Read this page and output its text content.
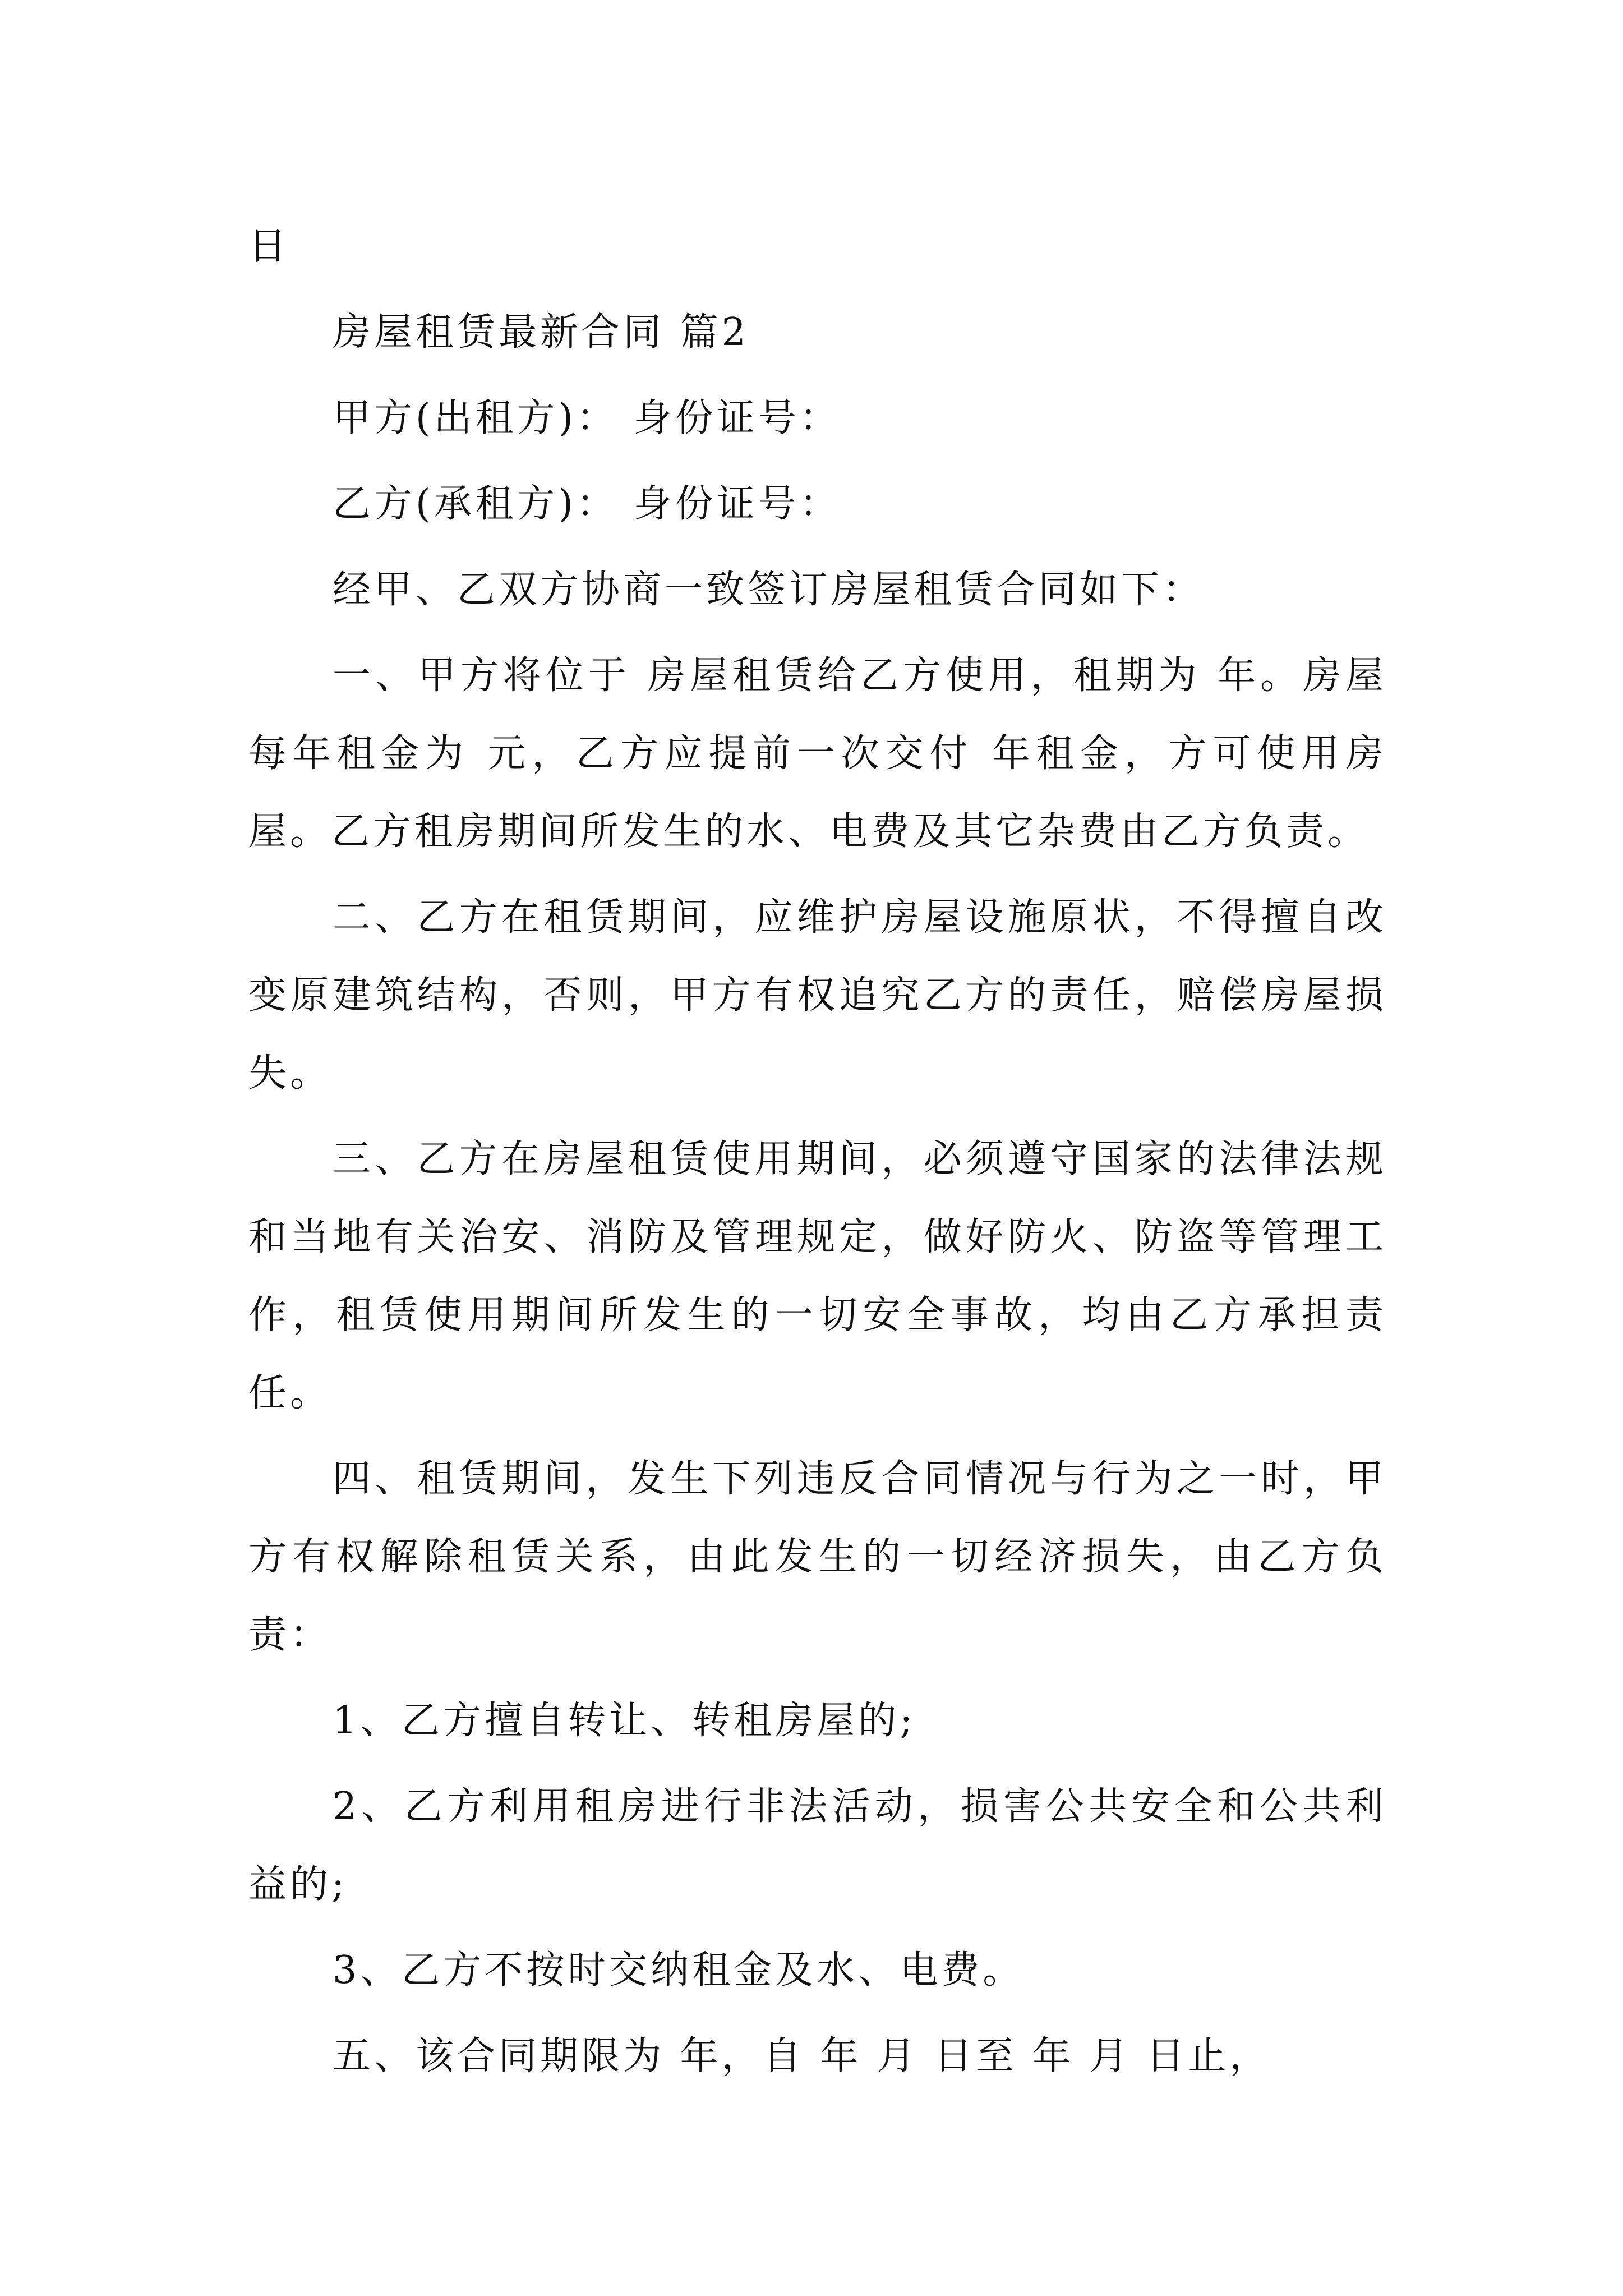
日

房屋租赁最新合同 篇2

甲方(出租方)： 身份证号：

乙方(承租方)： 身份证号：

经甲、乙双方协商一致签订房屋租赁合同如下：

一、甲方将位于 房屋租赁给乙方使用，租期为 年。房屋每年租金为 元，乙方应提前一次交付 年租金，方可使用房屋。乙方租房期间所发生的水、电费及其它杂费由乙方负责。

二、乙方在租赁期间，应维护房屋设施原状，不得擅自改变原建筑结构，否则，甲方有权追究乙方的责任，赔偿房屋损失。

三、乙方在房屋租赁使用期间，必须遵守国家的法律法规和当地有关治安、消防及管理规定，做好防火、防盗等管理工作，租赁使用期间所发生的一切安全事故，均由乙方承担责任。

四、租赁期间，发生下列违反合同情况与行为之一时，甲方有权解除租赁关系，由此发生的一切经济损失，由乙方负责：

1、乙方擅自转让、转租房屋的;

2、乙方利用租房进行非法活动，损害公共安全和公共利益的;

3、乙方不按时交纳租金及水、电费。

五、该合同期限为 年，自 年 月 日至 年 月 日止，
